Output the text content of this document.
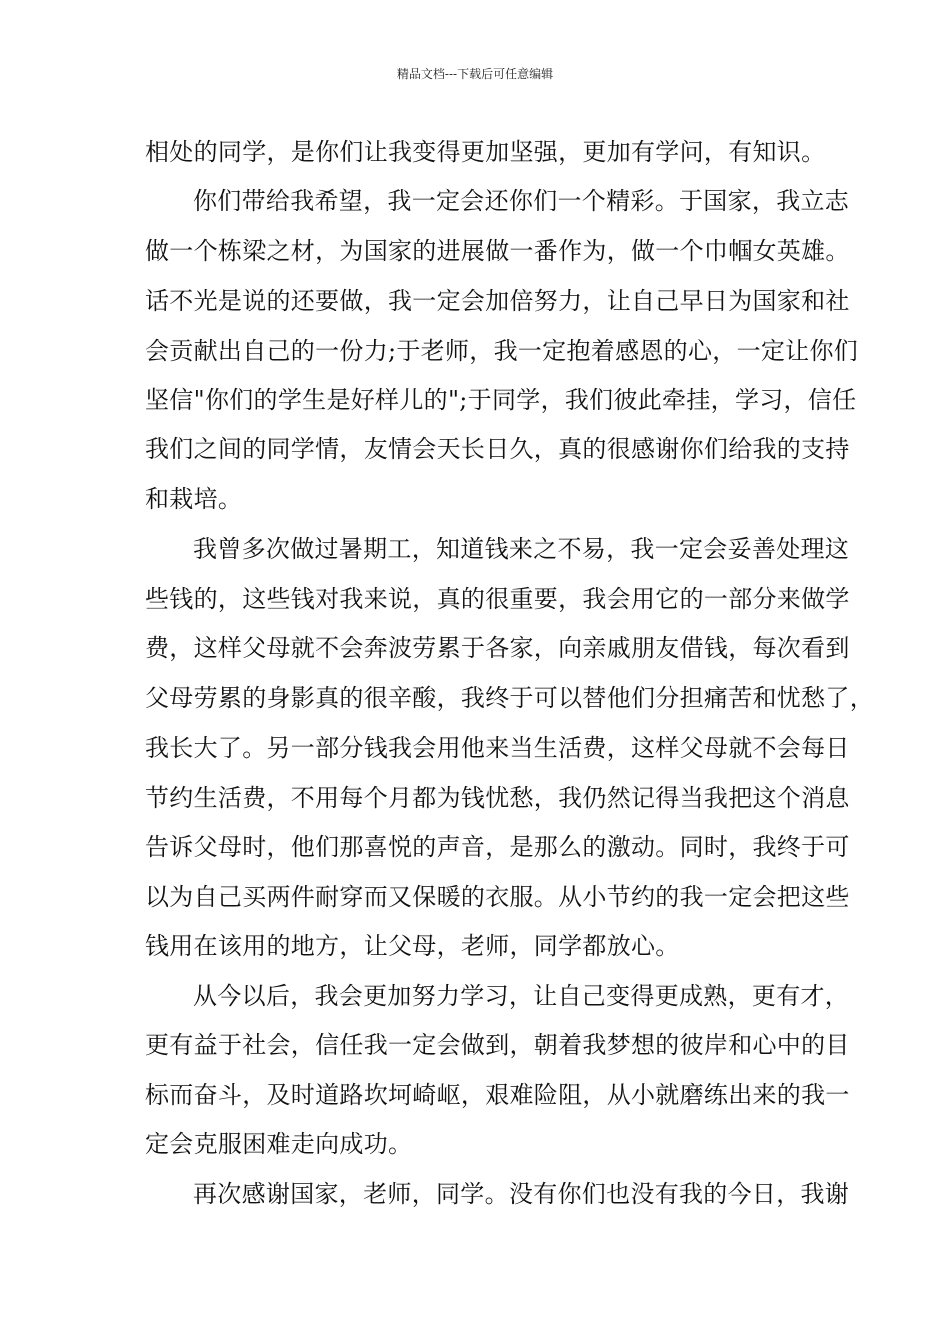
精品文档---下载后可任意编辑
相处的同学，是你们让我变得更加坚强，更加有学问，有知识。
你们带给我希望，我一定会还你们一个精彩。于国家，我立志
做一个栋梁之材，为国家的进展做一番作为，做一个巾帼女英雄。
话不光是说的还要做，我一定会加倍努力，让自己早日为国家和社
会贡献出自己的一份力;于老师，我一定抱着感恩的心，一定让你们
坚信"你们的学生是好样儿的";于同学，我们彼此牵挂，学习，信任
我们之间的同学情，友情会天长日久，真的很感谢你们给我的支持
和栽培。
我曾多次做过暑期工，知道钱来之不易，我一定会妥善处理这
些钱的，这些钱对我来说，真的很重要，我会用它的一部分来做学
费，这样父母就不会奔波劳累于各家，向亲戚朋友借钱，每次看到
父母劳累的身影真的很辛酸，我终于可以替他们分担痛苦和忧愁了，
我长大了。另一部分钱我会用他来当生活费，这样父母就不会每日
节约生活费，不用每个月都为钱忧愁，我仍然记得当我把这个消息
告诉父母时，他们那喜悦的声音，是那么的激动。同时，我终于可
以为自己买两件耐穿而又保暖的衣服。从小节约的我一定会把这些
钱用在该用的地方，让父母，老师，同学都放心。
从今以后，我会更加努力学习，让自己变得更成熟，更有才，
更有益于社会，信任我一定会做到，朝着我梦想的彼岸和心中的目
标而奋斗，及时道路坎坷崎岖，艰难险阻，从小就磨练出来的我一
定会克服困难走向成功。
再次感谢国家，老师，同学。没有你们也没有我的今日，我谢
